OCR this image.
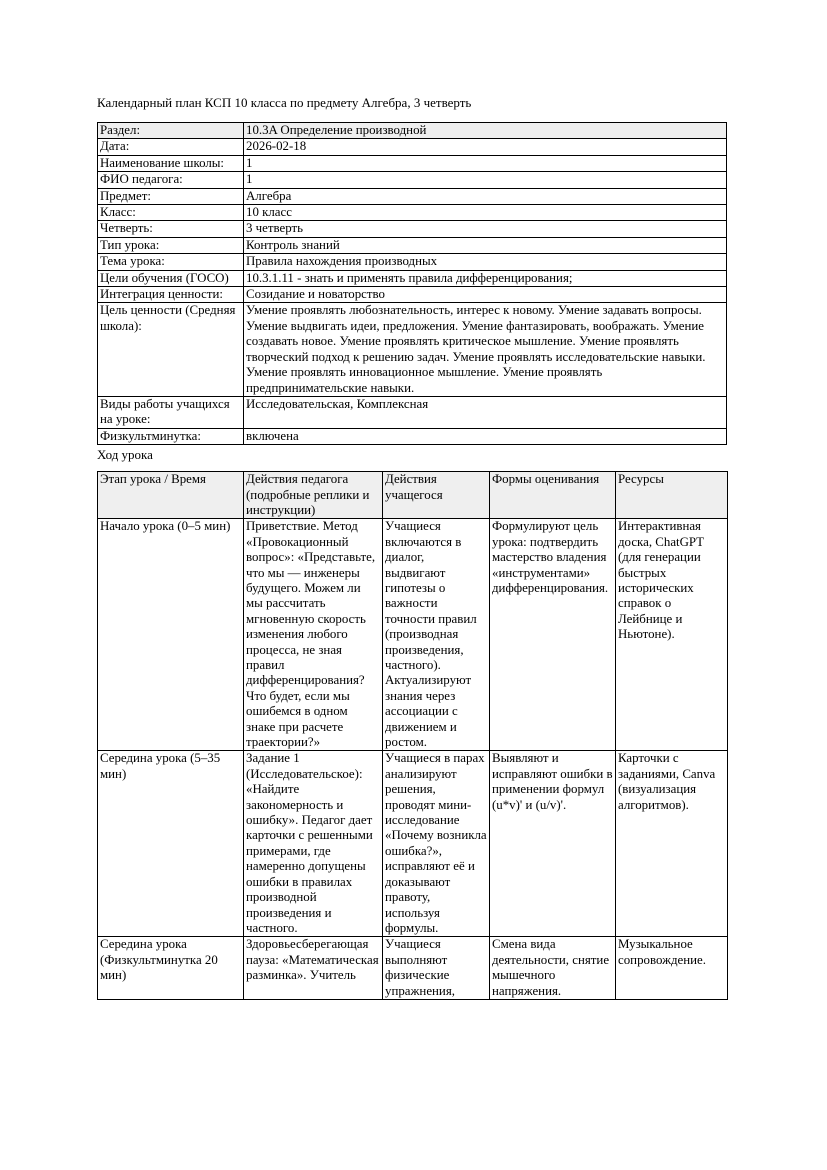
Календарный план КСП 10 класса по предмету Алгебра, 3 четверть

Раздел:	10.3A Определение производной
Дата:	2026-02-18
Наименование школы:	1
ФИО педагога:	1
Предмет:	Алгебра
Класс:	10 класс
Четверть:	3 четверть
Тип урока:	Контроль знаний
Тема урока:	Правила нахождения производных
Цели обучения (ГОСО)	10.3.1.11 - знать и применять правила дифференцирования;
Интеграция ценности:	Созидание и новаторство
Цель ценности (Средняя школа):	Умение проявлять любознательность, интерес к новому. Умение задавать вопросы. Умение выдвигать идеи, предложения. Умение фантазировать, воображать. Умение создавать новое. Умение проявлять критическое мышление. Умение проявлять творческий подход к решению задач. Умение проявлять исследовательские навыки. Умение проявлять инновационное мышление. Умение проявлять предпринимательские навыки.
Виды работы учащихся на уроке:	Исследовательская, Комплексная
Физкультминутка:	включена

Ход урока

Этап урока / Время	Действия педагога (подробные реплики и инструкции)	Действия учащегося	Формы оценивания	Ресурсы
Начало урока (0–5 мин)	Приветствие. Метод «Провокационный вопрос»: «Представьте, что мы — инженеры будущего. Можем ли мы рассчитать мгновенную скорость изменения любого процесса, не зная правил дифференцирования? Что будет, если мы ошибемся в одном знаке при расчете траектории?»	Учащиеся включаются в диалог, выдвигают гипотезы о важности точности правил (производная произведения, частного). Актуализируют знания через ассоциации с движением и ростом.	Формулируют цель урока: подтвердить мастерство владения «инструментами» дифференцирования.	Интерактивная доска, ChatGPT (для генерации быстрых исторических справок о Лейбнице и Ньютоне).
Середина урока (5–35 мин)	Задание 1 (Исследовательское): «Найдите закономерность и ошибку». Педагог дает карточки с решенными примерами, где намеренно допущены ошибки в правилах производной произведения и частного.	Учащиеся в парах анализируют решения, проводят мини-исследование «Почему возникла ошибка?», исправляют её и доказывают правоту, используя формулы.	Выявляют и исправляют ошибки в применении формул (u*v)' и (u/v)'.	Карточки с заданиями, Canva (визуализация алгоритмов).
Середина урока (Физкультминутка 20 мин)	Здоровьесберегающая пауза: «Математическая разминка». Учитель	Учащиеся выполняют физические упражнения,	Смена вида деятельности, снятие мышечного напряжения.	Музыкальное сопровождение.
